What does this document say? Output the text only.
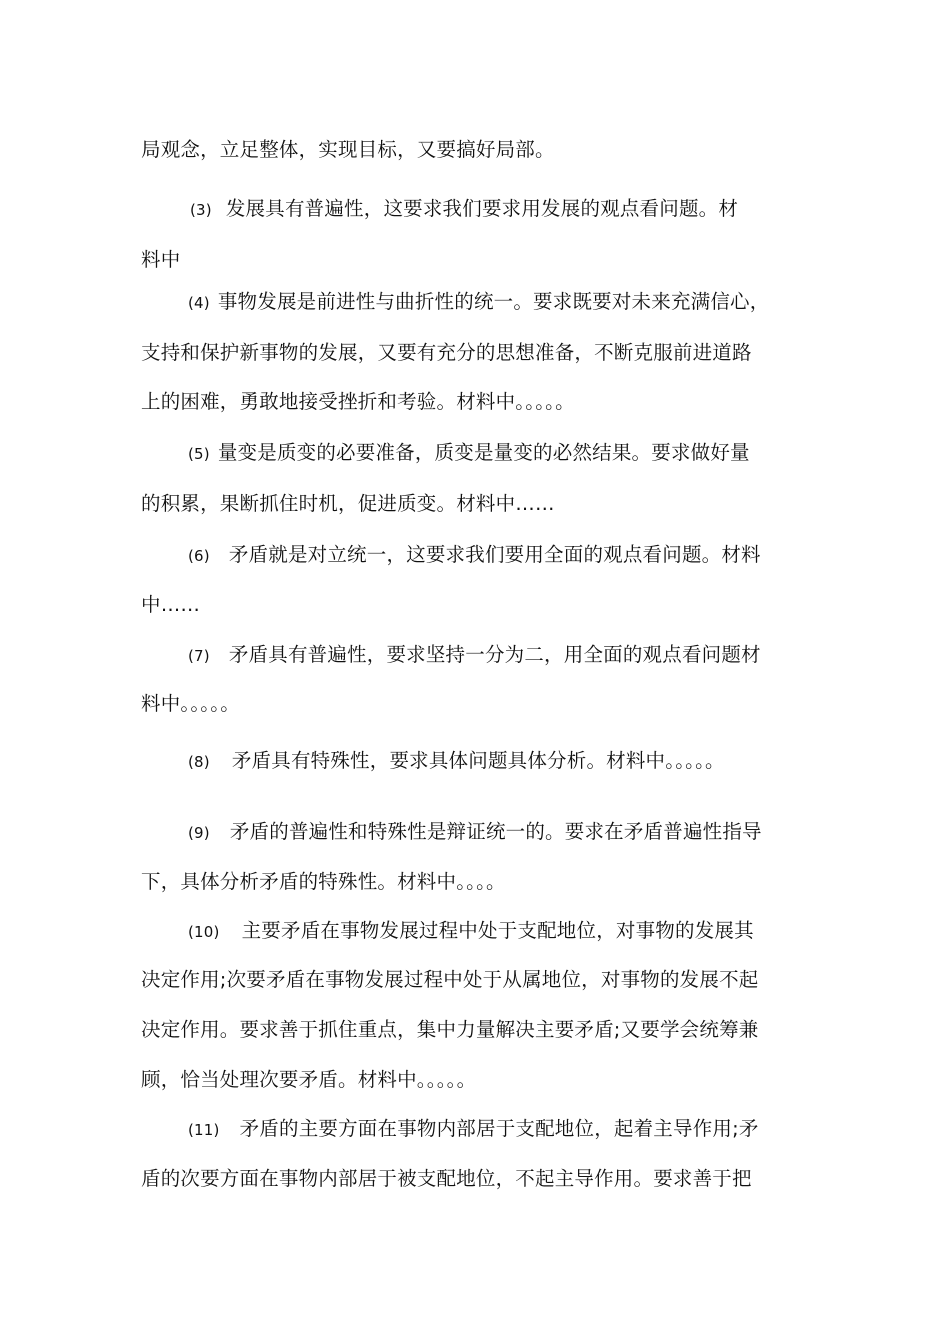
局观念，立足整体，实现目标，又要搞好局部。
(3) 发展具有普遍性，这要求我们要求用发展的观点看问题。材
料中
(4) 事物发展是前进性与曲折性的统一。要求既要对未来充满信心，
支持和保护新事物的发展，又要有充分的思想准备，不断克服前进道路
上的困难，勇敢地接受挫折和考验。材料中。。。。。
(5) 量变是质变的必要准备，质变是量变的必然结果。要求做好量
的积累，果断抓住时机，促进质变。材料中……
(6) 矛盾就是对立统一，这要求我们要用全面的观点看问题。材料
中……
(7) 矛盾具有普遍性，要求坚持一分为二，用全面的观点看问题材
料中。。。。。
(8) 矛盾具有特殊性，要求具体问题具体分析。材料中。。。。。
(9) 矛盾的普遍性和特殊性是辩证统一的。要求在矛盾普遍性指导
下，具体分析矛盾的特殊性。材料中。。。。
(10) 主要矛盾在事物发展过程中处于支配地位，对事物的发展其
决定作用;次要矛盾在事物发展过程中处于从属地位，对事物的发展不起
决定作用。要求善于抓住重点，集中力量解决主要矛盾;又要学会统筹兼
顾，恰当处理次要矛盾。材料中。。。。。
(11) 矛盾的主要方面在事物内部居于支配地位，起着主导作用;矛
盾的次要方面在事物内部居于被支配地位，不起主导作用。要求善于把
